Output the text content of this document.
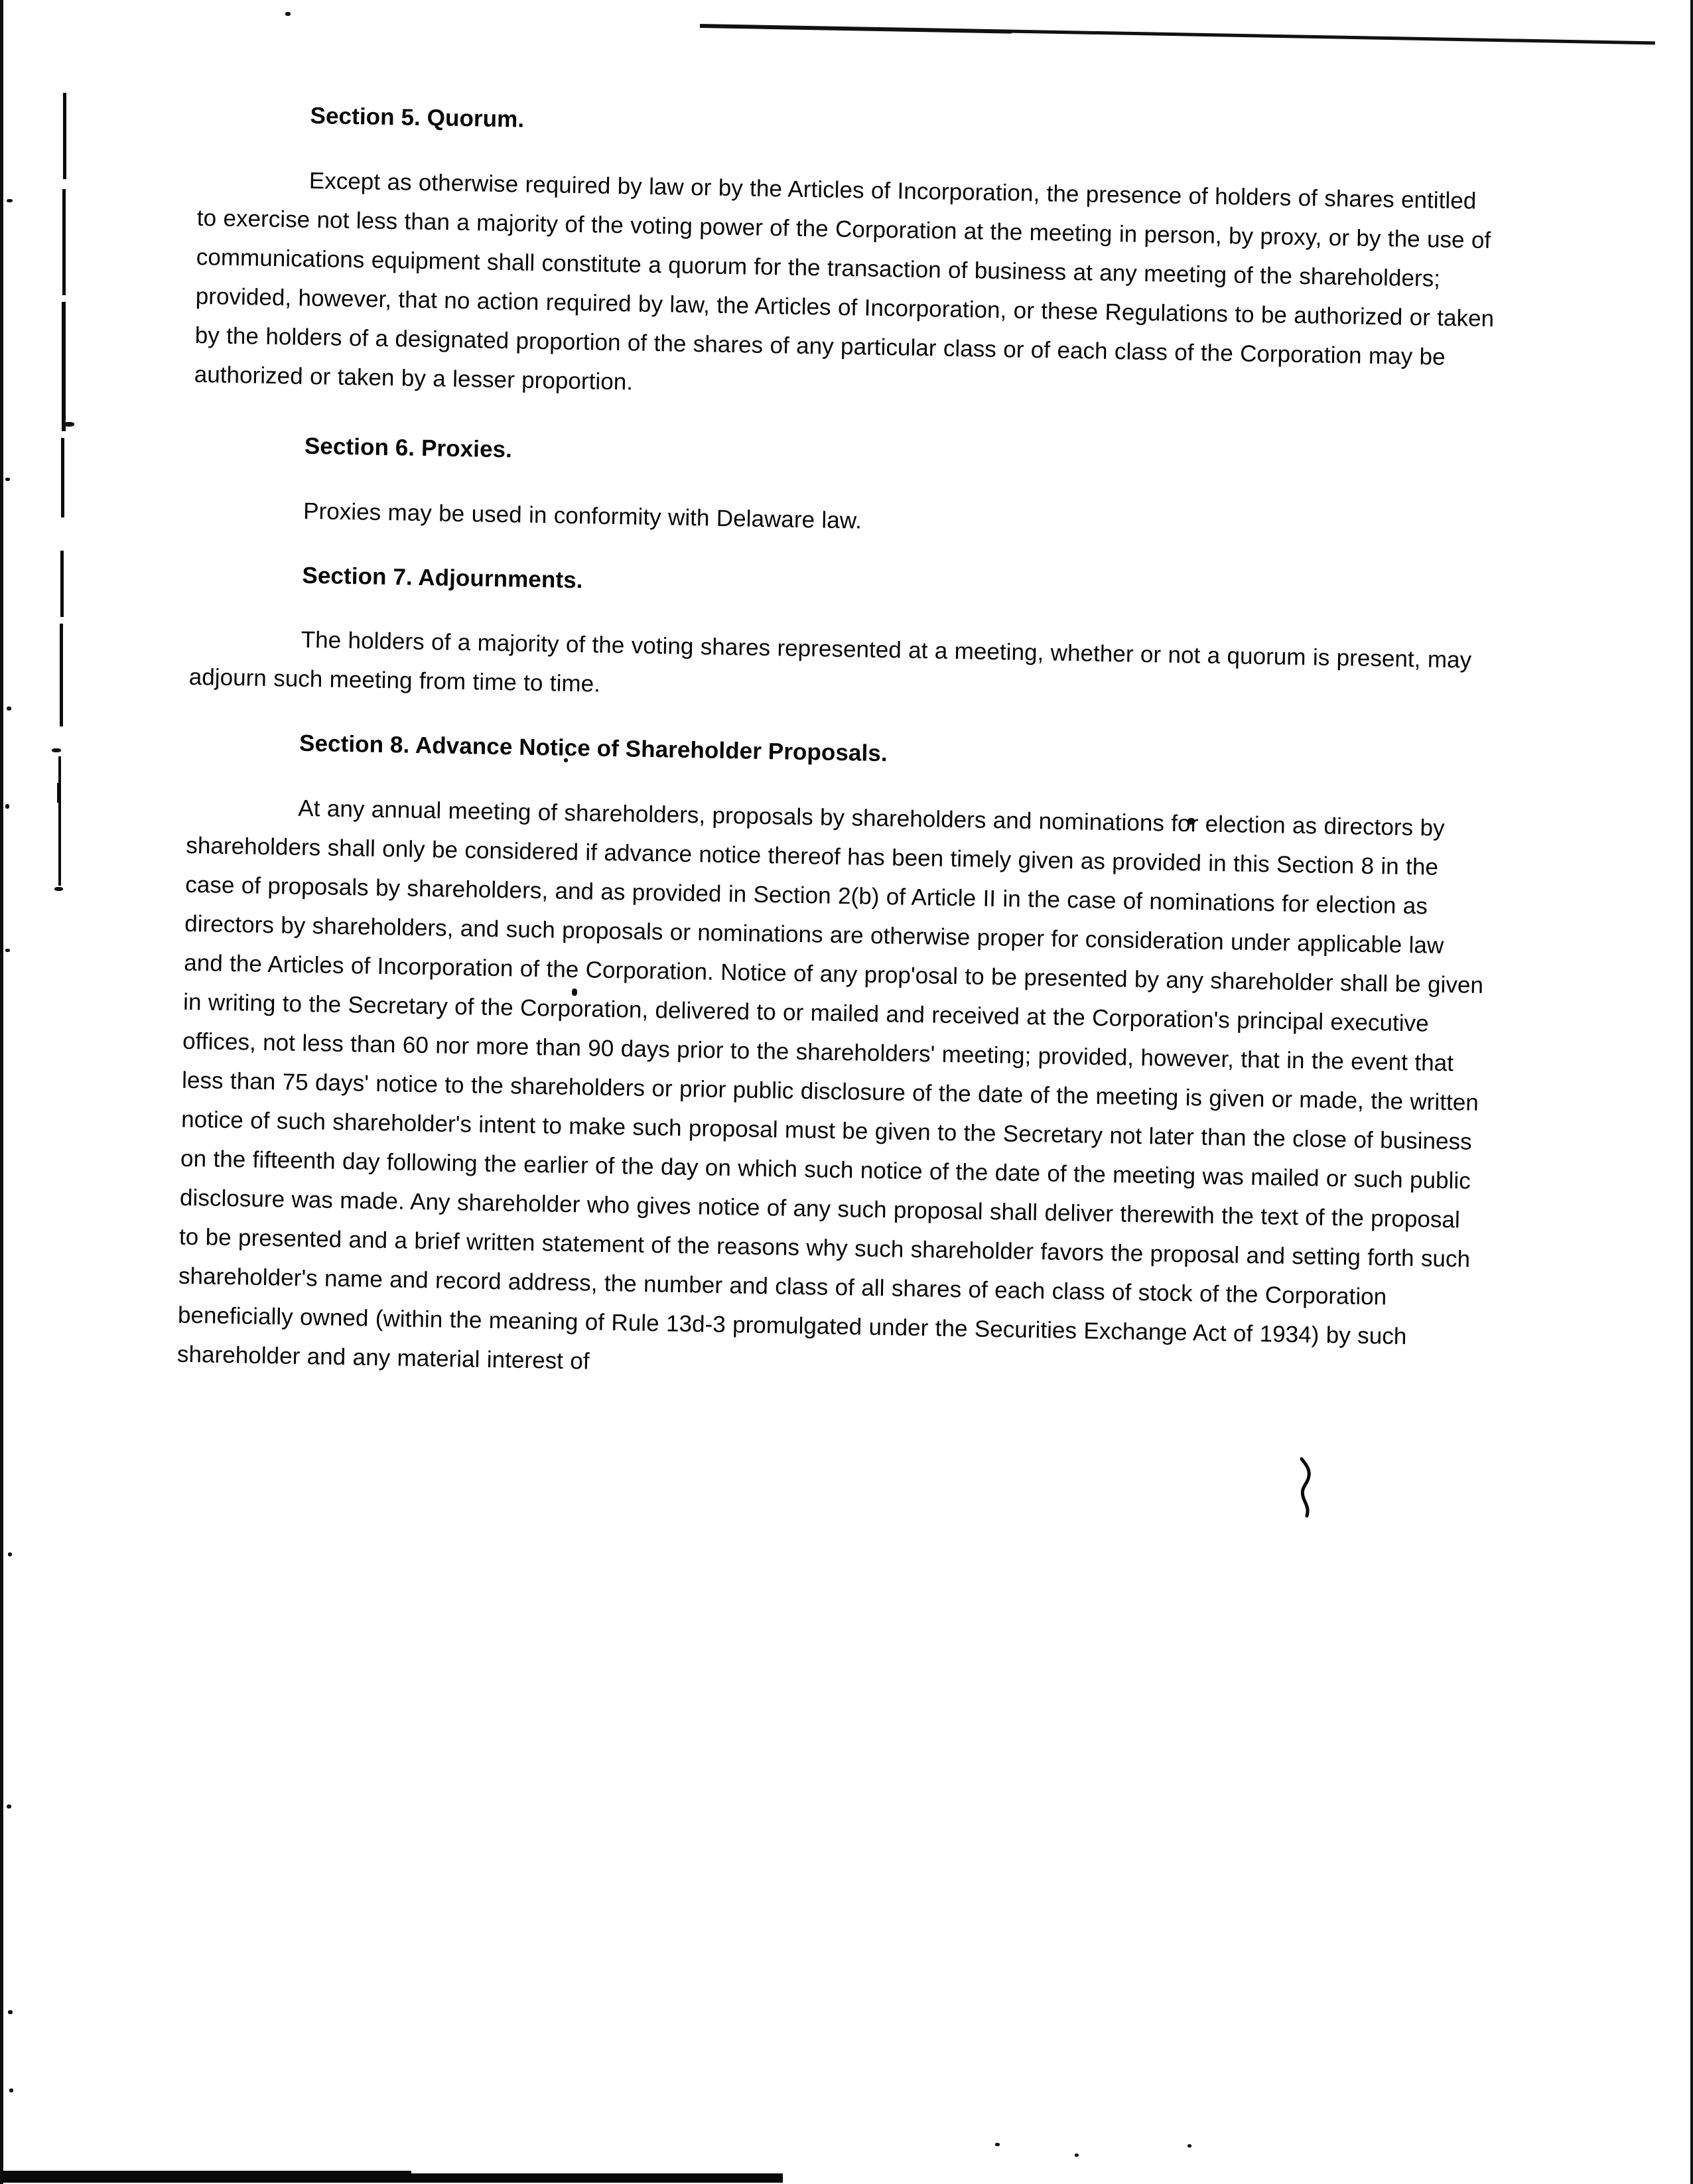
Section 5. Quorum.

Except as otherwise required by law or by the Articles of Incorporation, the presence of holders of shares entitled to exercise not less than a majority of the voting power of the Corporation at the meeting in person, by proxy, or by the use of communications equipment shall constitute a quorum for the transaction of business at any meeting of the shareholders; provided, however, that no action required by law, the Articles of Incorporation, or these Regulations to be authorized or taken by the holders of a designated proportion of the shares of any particular class or of each class of the Corporation may be authorized or taken by a lesser proportion.

Section 6. Proxies.

Proxies may be used in conformity with Delaware law.

Section 7. Adjournments.

The holders of a majority of the voting shares represented at a meeting, whether or not a quorum is present, may adjourn such meeting from time to time.

Section 8. Advance Notice of Shareholder Proposals.

At any annual meeting of shareholders, proposals by shareholders and nominations for election as directors by shareholders shall only be considered if advance notice thereof has been timely given as provided in this Section 8 in the case of proposals by shareholders, and as provided in Section 2(b) of Article II in the case of nominations for election as directors by shareholders, and such proposals or nominations are otherwise proper for consideration under applicable law and the Articles of Incorporation of the Corporation. Notice of any prop'osal to be presented by any shareholder shall be given in writing to the Secretary of the Corporation, delivered to or mailed and received at the Corporation's principal executive offices, not less than 60 nor more than 90 days prior to the shareholders' meeting; provided, however, that in the event that less than 75 days' notice to the shareholders or prior public disclosure of the date of the meeting is given or made, the written notice of such shareholder's intent to make such proposal must be given to the Secretary not later than the close of business on the fifteenth day following the earlier of the day on which such notice of the date of the meeting was mailed or such public disclosure was made. Any shareholder who gives notice of any such proposal shall deliver therewith the text of the proposal to be presented and a brief written statement of the reasons why such shareholder favors the proposal and setting forth such shareholder's name and record address, the number and class of all shares of each class of stock of the Corporation beneficially owned (within the meaning of Rule 13d-3 promulgated under the Securities Exchange Act of 1934) by such shareholder and any material interest of
